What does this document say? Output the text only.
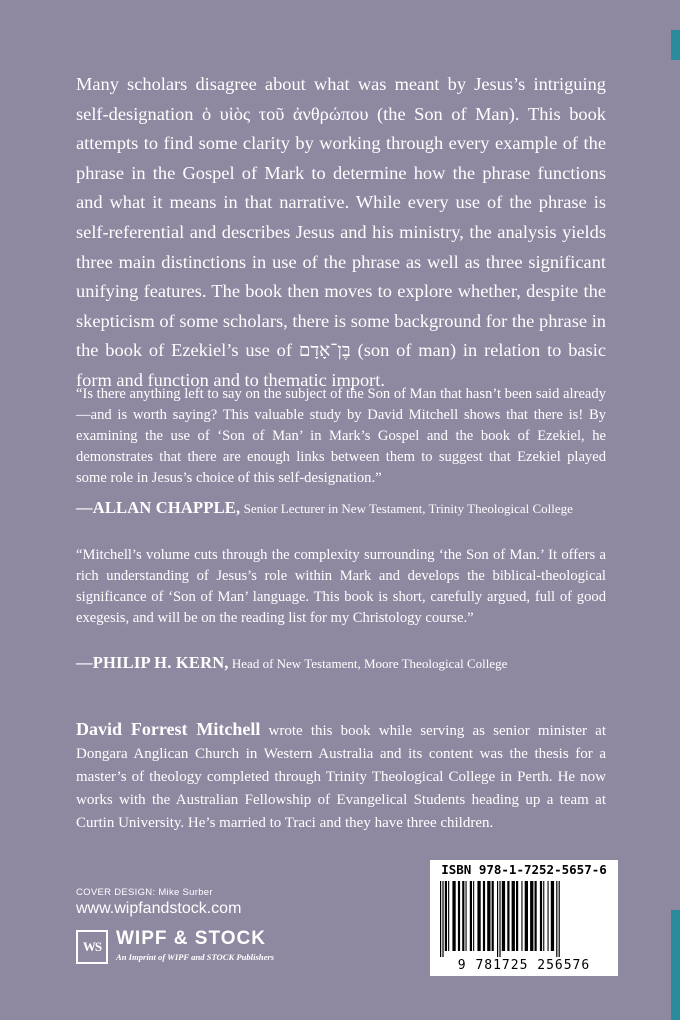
Many scholars disagree about what was meant by Jesus’s intriguing self-designation ὁ υἱὸς τοῦ ἀνθρώπου (the Son of Man). This book attempts to find some clarity by working through every example of the phrase in the Gospel of Mark to determine how the phrase functions and what it means in that narrative. While every use of the phrase is self-referential and describes Jesus and his ministry, the analysis yields three main distinctions in use of the phrase as well as three significant unifying features. The book then moves to explore whether, despite the skepticism of some scholars, there is some background for the phrase in the book of Ezekiel’s use of בֶּן־אָדָם (son of man) in relation to basic form and function and to thematic import.

“Is there anything left to say on the subject of the Son of Man that hasn’t been said already—and is worth saying? This valuable study by David Mitchell shows that there is! By examining the use of ‘Son of Man’ in Mark’s Gospel and the book of Ezekiel, he demonstrates that there are enough links between them to suggest that Ezekiel played some role in Jesus’s choice of this self-designation.”

—ALLAN CHAPPLE, Senior Lecturer in New Testament, Trinity Theological College

“Mitchell’s volume cuts through the complexity surrounding ‘the Son of Man.’ It offers a rich understanding of Jesus’s role within Mark and develops the biblical-theological significance of ‘Son of Man’ language. This book is short, carefully argued, full of good exegesis, and will be on the reading list for my Christology course.”

—PHILIP H. KERN, Head of New Testament, Moore Theological College

David Forrest Mitchell wrote this book while serving as senior minister at Dongara Anglican Church in Western Australia and its content was the thesis for a master’s of theology completed through Trinity Theological College in Perth. He now works with the Australian Fellowship of Evangelical Students heading up a team at Curtin University. He’s married to Traci and they have three children.

COVER DESIGN: Mike Surber
www.wipfandstock.com
WS WIPF & STOCK
An Imprint of WIPF and STOCK Publishers
ISBN 978-1-7252-5657-6
9 781725 256576
